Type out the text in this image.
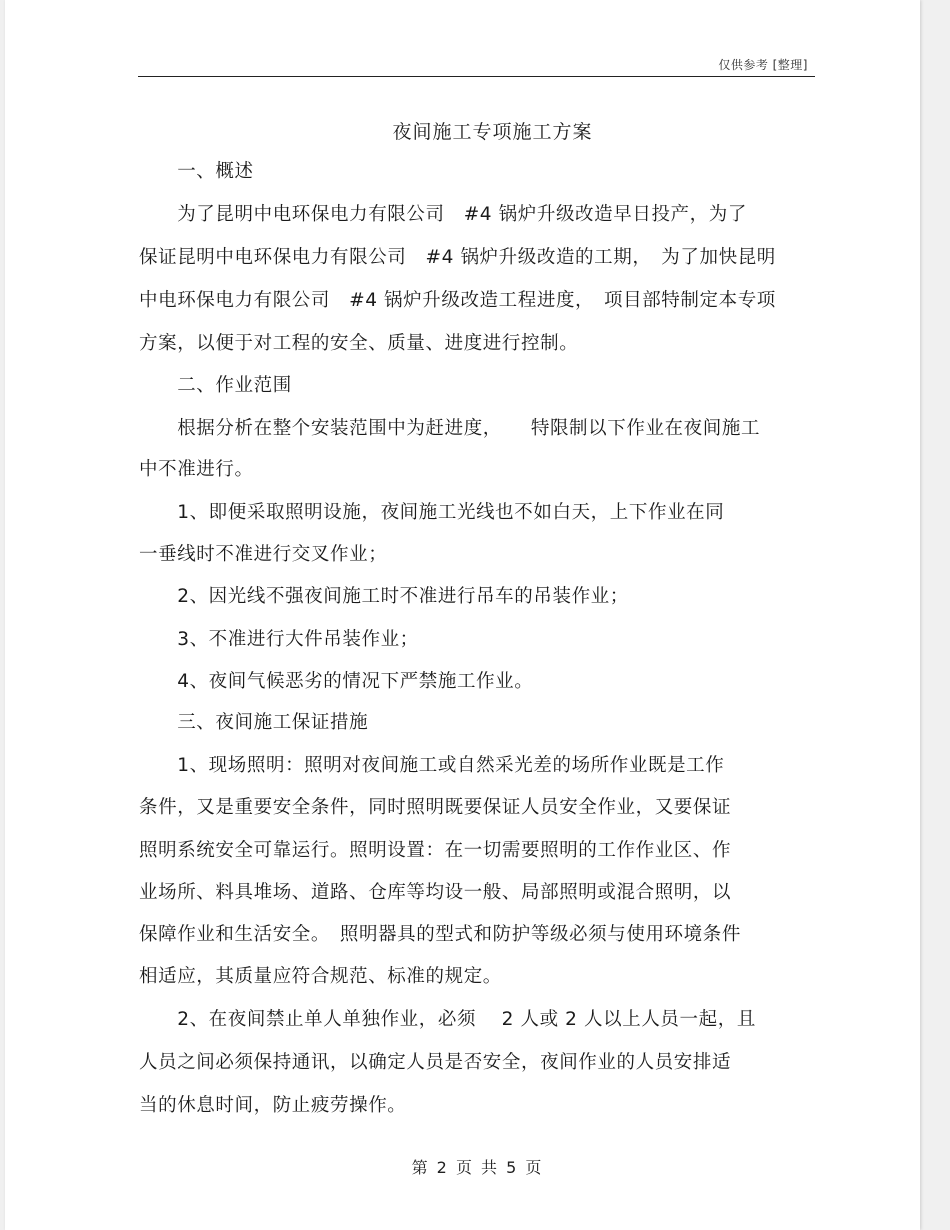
仅供参考 [整理]
夜间施工专项施工方案
　　一、概述
　　为了昆明中电环保电力有限公司　#4 锅炉升级改造早日投产，为了
保证昆明中电环保电力有限公司　#4 锅炉升级改造的工期，　为了加快昆明
中电环保电力有限公司　#4 锅炉升级改造工程进度，　项目部特制定本专项
方案，以便于对工程的安全、质量、进度进行控制。
　　二、作业范围
　　根据分析在整个安装范围中为赶进度，　　特限制以下作业在夜间施工
中不准进行。
　　1、即便采取照明设施，夜间施工光线也不如白天，上下作业在同
一垂线时不准进行交叉作业；
　　2、因光线不强夜间施工时不准进行吊车的吊装作业；
　　3、不准进行大件吊装作业；
　　4、夜间气候恶劣的情况下严禁施工作业。
　　三、夜间施工保证措施
　　1、现场照明：照明对夜间施工或自然采光差的场所作业既是工作
条件，又是重要安全条件，同时照明既要保证人员安全作业，又要保证
照明系统安全可靠运行。照明设置：在一切需要照明的工作作业区、作
业场所、料具堆场、道路、仓库等均设一般、局部照明或混合照明，以
保障作业和生活安全。　照明器具的型式和防护等级必须与使用环境条件
相适应，其质量应符合规范、标准的规定。
　　2、在夜间禁止单人单独作业，必须　 2 人或 2 人以上人员一起，且
人员之间必须保持通讯，以确定人员是否安全，夜间作业的人员安排适
当的休息时间，防止疲劳操作。
第 2 页 共 5 页
